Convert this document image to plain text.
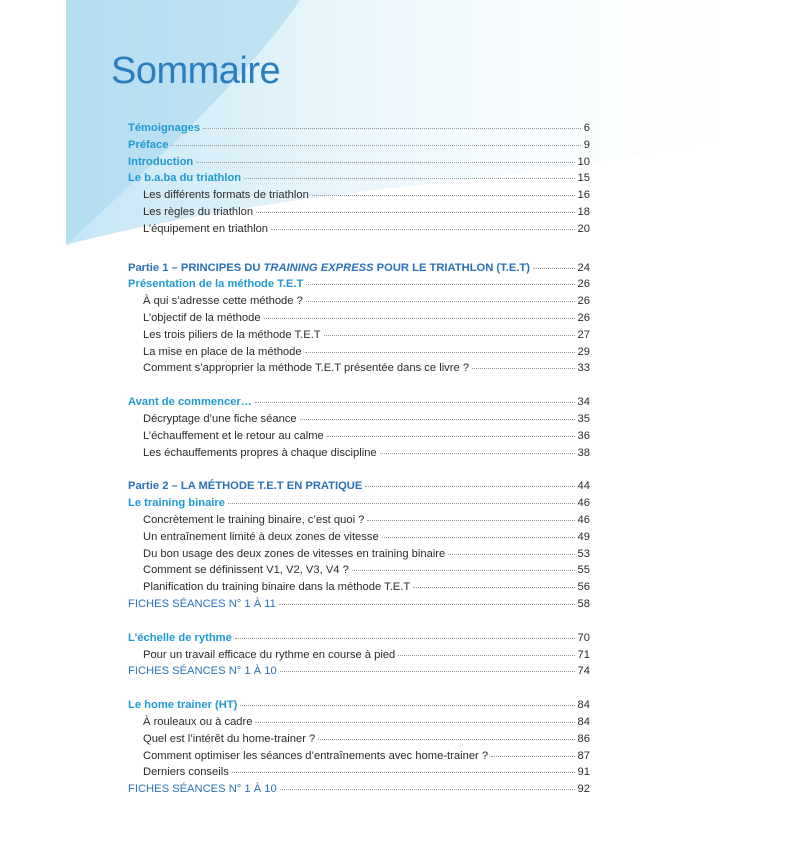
Sommaire
Témoignages	6
Préface	9
Introduction	10
Le b.a.ba du triathlon	15
Les différents formats de triathlon	16
Les règles du triathlon	18
L’équipement en triathlon	20
Partie 1 – PRINCIPES DU TRAINING EXPRESS POUR LE TRIATHLON (T.E.T)	24
Présentation de la méthode T.E.T	26
À qui s’adresse cette méthode ?	26
L’objectif de la méthode	26
Les trois piliers de la méthode T.E.T	27
La mise en place de la méthode	29
Comment s’approprier la méthode T.E.T présentée dans ce livre ?	33
Avant de commencer…	34
Décryptage d’une fiche séance	35
L’échauffement et le retour au calme	36
Les échauffements propres à chaque discipline	38
Partie 2 – LA MÉTHODE T.E.T EN PRATIQUE	44
Le training binaire	46
Concrètement le training binaire, c’est quoi ?	46
Un entraînement limité à deux zones de vitesse	49
Du bon usage des deux zones de vitesses en training binaire	53
Comment se définissent V1, V2, V3, V4 ?	55
Planification du training binaire dans la méthode T.E.T	56
FICHES SÉANCES N° 1 À 11	58
L’échelle de rythme	70
Pour un travail efficace du rythme en course à pied	71
FICHES SÉANCES N° 1 À 10	74
Le home trainer (HT)	84
À rouleaux ou à cadre	84
Quel est l’intérêt du home-trainer ?	86
Comment optimiser les séances d’entraînements avec home-trainer ?	87
Derniers conseils	91
FICHES SÉANCES N° 1 À 10	92
